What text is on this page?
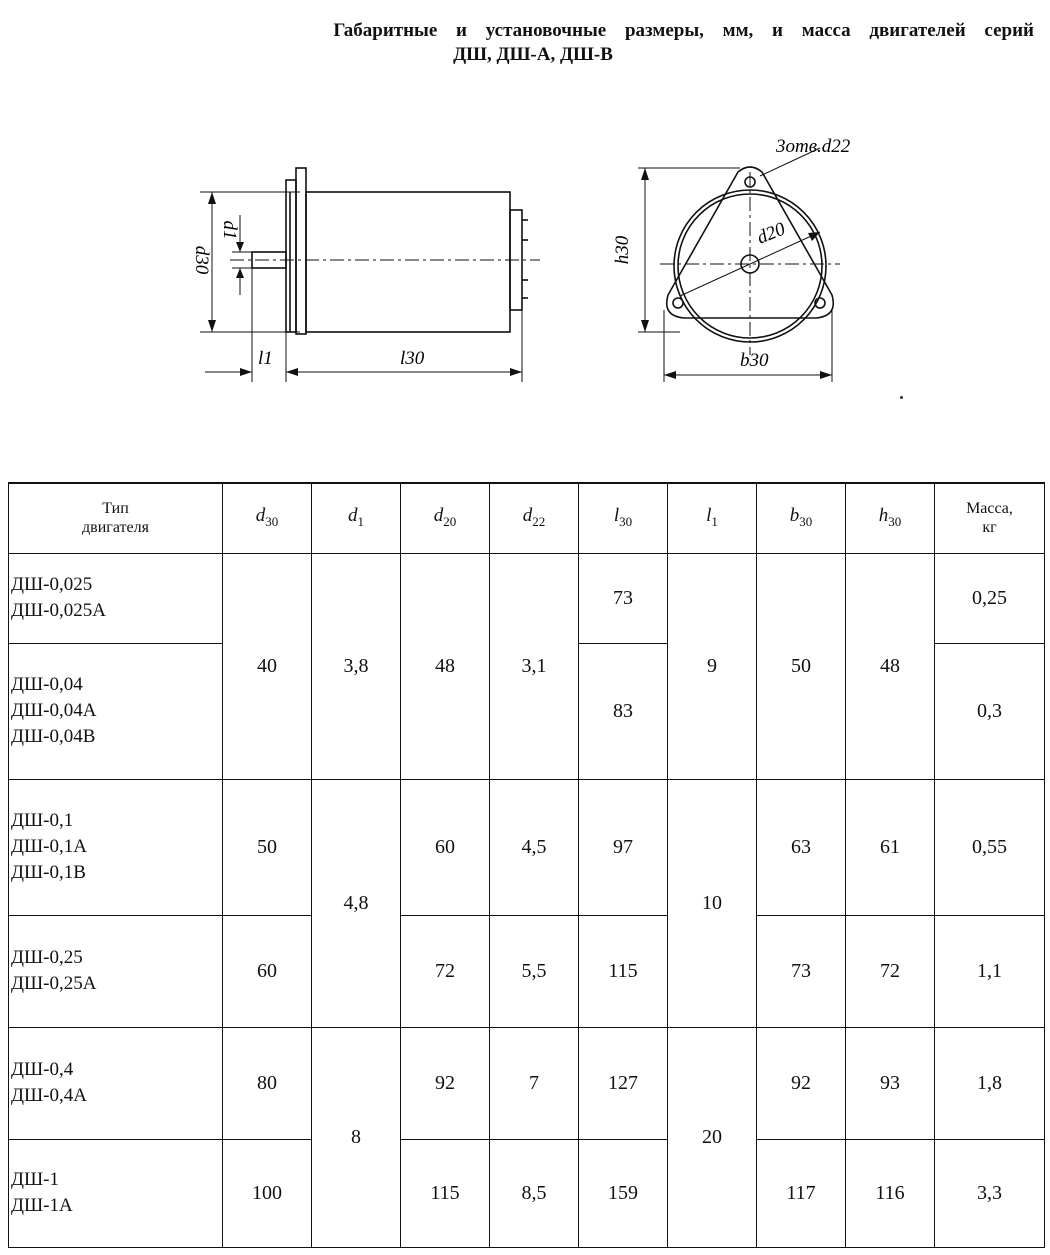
Габаритные и установочные размеры, мм, и масса двигателей серий
ДШ, ДШ-А, ДШ-В
d30
d1
l1	l30
h30
b30
d20
3отв.d22
Тип
двигателя	$d_{30}$	$d_1$	$d_{20}$	$d_{22}$	$l_{30}$	$l_1$	$b_{30}$	$h_{30}$	Масса,
кг

ДШ-0,025
ДШ-0,025А	40	3,8	48	3,1	73	9	50	48	0,25

ДШ-0,04
ДШ-0,04А
ДШ-0,04В					83				0,3

ДШ-0,1
ДШ-0,1А
ДШ-0,1В	50	4,8	60	4,5	97	10	63	61	0,55

ДШ-0,25
ДШ-0,25А	60		72	5,5	115		73	72	1,1

ДШ-0,4
ДШ-0,4А	80	8	92	7	127	20	92	93	1,8

ДШ-1
ДШ-1А	100		115	8,5	159		117	116	3,3
